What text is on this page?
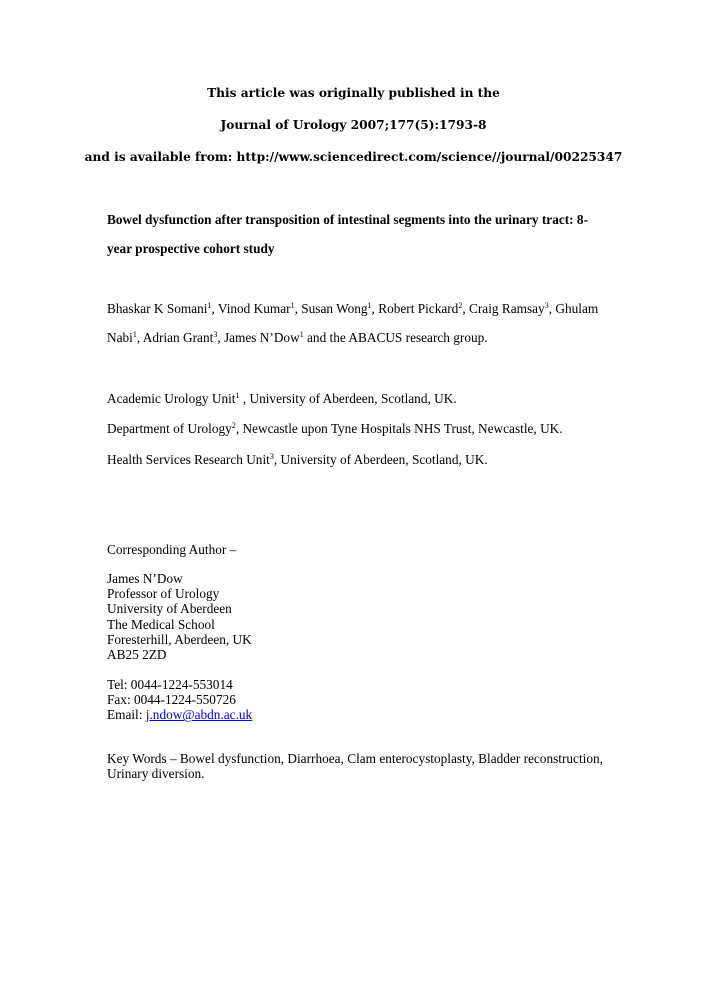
This article was originally published in the
Journal of Urology 2007;177(5):1793-8
and is available from: http://www.sciencedirect.com/science//journal/00225347
Bowel dysfunction after transposition of intestinal segments into the urinary tract: 8-
year prospective cohort study
Bhaskar K Somani$^1$, Vinod Kumar$^1$, Susan Wong$^1$, Robert Pickard$^2$, Craig Ramsay$^3$, Ghulam
Nabi$^1$, Adrian Grant$^3$, James N’Dow$^1$ and the ABACUS research group.
Academic Urology Unit$^1$ , University of Aberdeen, Scotland, UK.
Department of Urology$^2$, Newcastle upon Tyne Hospitals NHS Trust, Newcastle, UK.
Health Services Research Unit$^3$, University of Aberdeen, Scotland, UK.
Corresponding Author –
James N’Dow
Professor of Urology
University of Aberdeen
The Medical School
Foresterhill, Aberdeen, UK
AB25 2ZD
Tel: 0044-1224-553014
Fax: 0044-1224-550726
Email: j.ndow@abdn.ac.uk
Key Words – Bowel dysfunction, Diarrhoea, Clam enterocystoplasty, Bladder reconstruction,
Urinary diversion.
